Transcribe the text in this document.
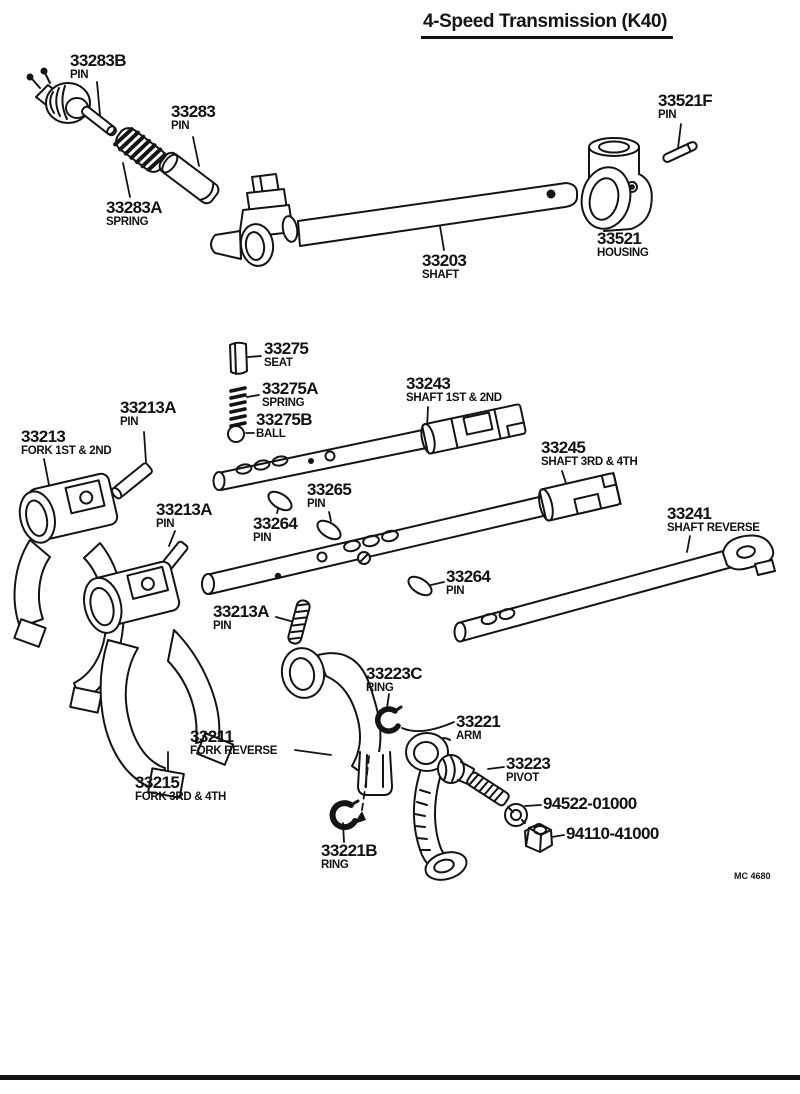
4-Speed Transmission (K40)
MC 4680
33283B
PIN
33283
PIN
33283A
SPRING
33521F
PIN
33521
HOUSING
33203
SHAFT
33275
SEAT
33275A
SPRING
33275B
BALL
33243
SHAFT 1ST & 2ND
33213A
PIN
33213
FORK 1ST & 2ND
33213A
PIN
33265
PIN
33264
PIN
33245
SHAFT 3RD & 4TH
33241
SHAFT REVERSE
33264
PIN
33213A
PIN
33223C
RING
33221
ARM
33211
FORK REVERSE
33223
PIVOT
94522-01000
94110-41000
33215
FORK 3RD & 4TH
33221B
RING
